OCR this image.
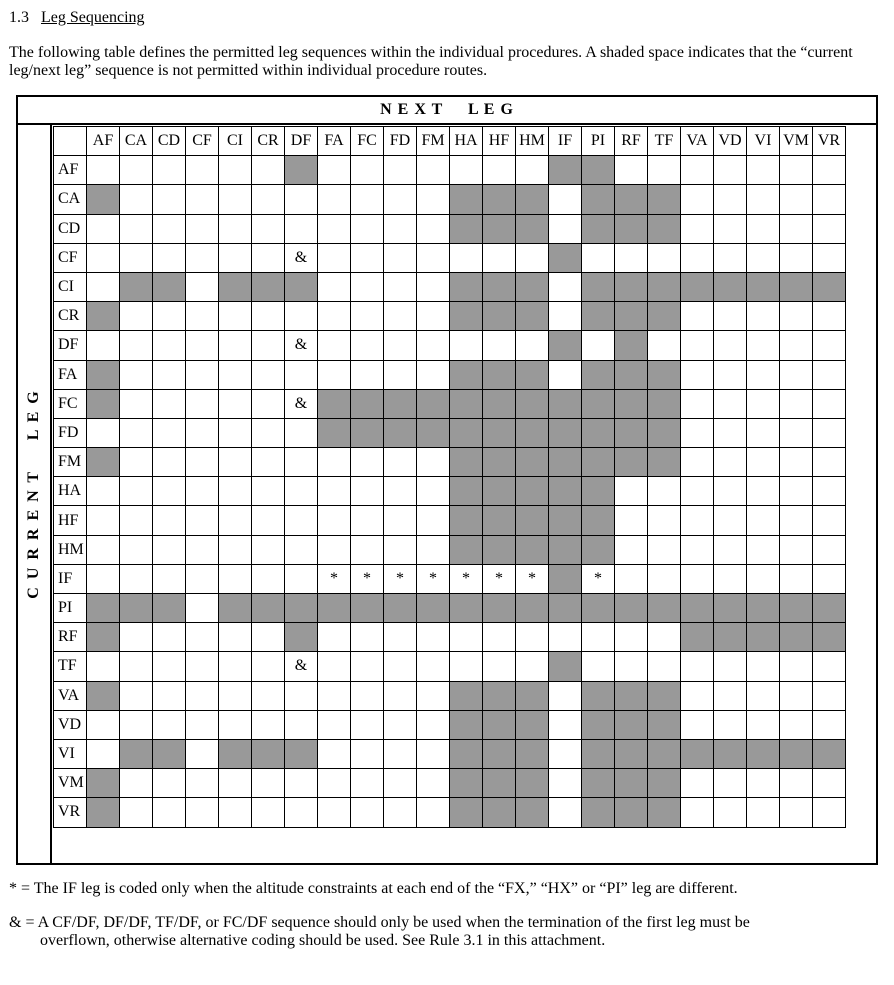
1.3 Leg Sequencing
The following table defines the permitted leg sequences within the individual procedures. A shaded space indicates that the “current leg/next leg” sequence is not permitted within individual procedure routes.
N E X T     L E G
C U R R E N T     L E G
	AF	CA	CD	CF	CI	CR	DF	FA	FC	FD	FM	HA	HF	HM	IF	PI	RF	TF	VA	VD	VI	VM	VR
AF																							
CA																							
CD																							
CF							&																
CI																							
CR																							
DF							&																
FA																							
FC							&																
FD																							
FM																							
HA																							
HF																							
HM																							
IF								*	*	*	*	*	*	*		*							
PI																							
RF																							
TF							&																
VA																							
VD																							
VI																							
VM																							
VR																							
* = The IF leg is coded only when the altitude constraints at each end of the “FX,” “HX” or “PI” leg are different.
& = A CF/DF, DF/DF, TF/DF, or FC/DF sequence should only be used when the termination of the first leg must be
overflown, otherwise alternative coding should be used. See Rule 3.1 in this attachment.
